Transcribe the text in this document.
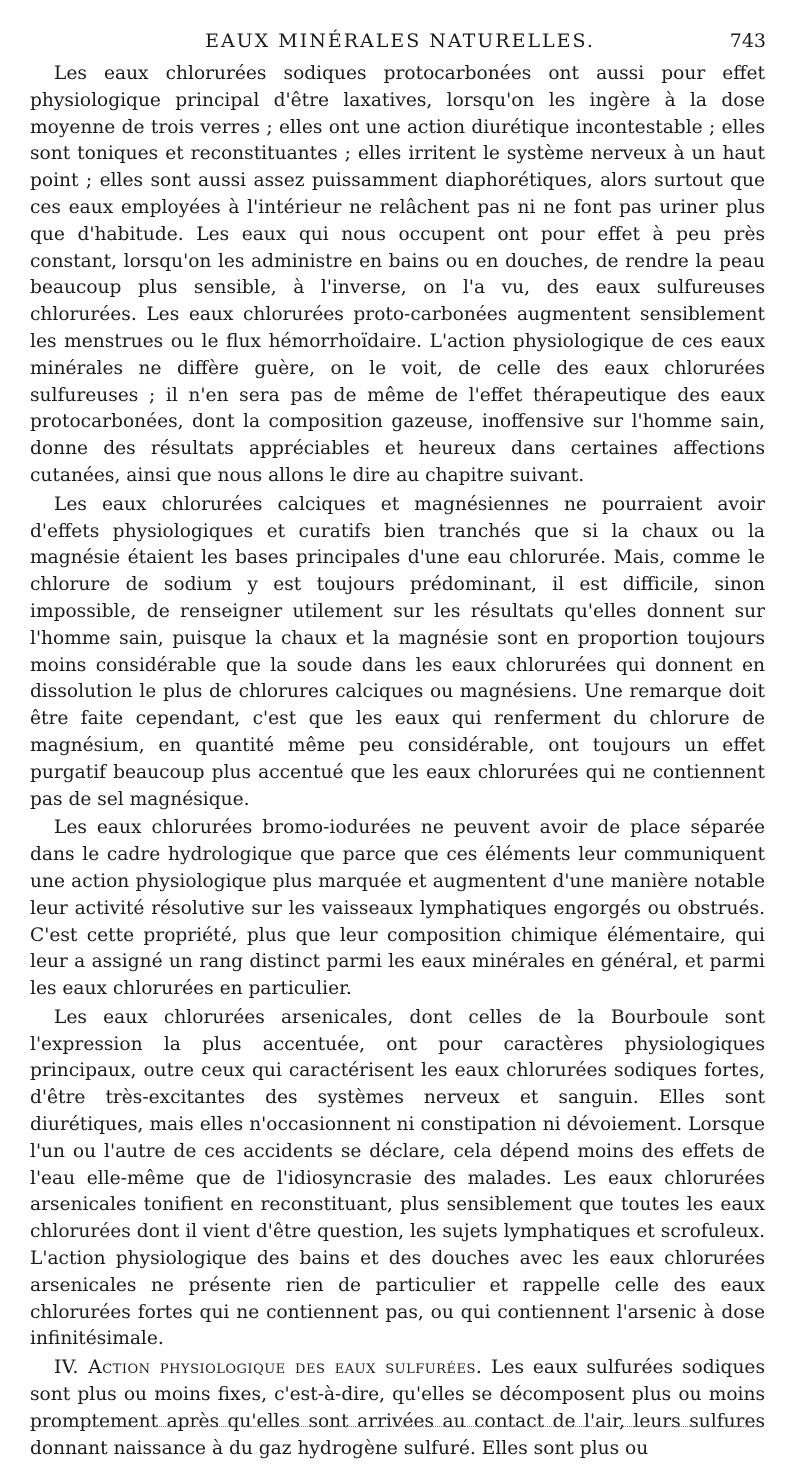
EAUX MINÉRALES NATURELLES.	743

Les eaux chlorurées sodiques protocarbonées ont aussi pour effet physiologique principal d'être laxatives, lorsqu'on les ingère à la dose moyenne de trois verres ; elles ont une action diurétique incontestable ; elles sont toniques et reconstituantes ; elles irritent le système nerveux à un haut point ; elles sont aussi assez puissamment diaphorétiques, alors surtout que ces eaux employées à l'intérieur ne relâchent pas ni ne font pas uriner plus que d'habitude. Les eaux qui nous occupent ont pour effet à peu près constant, lorsqu'on les administre en bains ou en douches, de rendre la peau beaucoup plus sensible, à l'inverse, on l'a vu, des eaux sulfureuses chlorurées. Les eaux chlorurées proto-carbonées augmentent sensiblement les menstrues ou le flux hémorrhoïdaire. L'action physiologique de ces eaux minérales ne diffère guère, on le voit, de celle des eaux chlorurées sulfureuses ; il n'en sera pas de même de l'effet thérapeutique des eaux protocarbonées, dont la composition gazeuse, inoffensive sur l'homme sain, donne des résultats appréciables et heureux dans certaines affections cutanées, ainsi que nous allons le dire au chapitre suivant.

Les eaux chlorurées calciques et magnésiennes ne pourraient avoir d'effets physiologiques et curatifs bien tranchés que si la chaux ou la magnésie étaient les bases principales d'une eau chlorurée. Mais, comme le chlorure de sodium y est toujours prédominant, il est difficile, sinon impossible, de renseigner utilement sur les résultats qu'elles donnent sur l'homme sain, puisque la chaux et la magnésie sont en proportion toujours moins considérable que la soude dans les eaux chlorurées qui donnent en dissolution le plus de chlorures calciques ou magnésiens. Une remarque doit être faite cependant, c'est que les eaux qui renferment du chlorure de magnésium, en quantité même peu considérable, ont toujours un effet purgatif beaucoup plus accentué que les eaux chlorurées qui ne contiennent pas de sel magnésique.

Les eaux chlorurées bromo-iodurées ne peuvent avoir de place séparée dans le cadre hydrologique que parce que ces éléments leur communiquent une action physiologique plus marquée et augmentent d'une manière notable leur activité résolutive sur les vaisseaux lymphatiques engorgés ou obstrués. C'est cette propriété, plus que leur composition chimique élémentaire, qui leur a assigné un rang distinct parmi les eaux minérales en général, et parmi les eaux chlorurées en particulier.

Les eaux chlorurées arsenicales, dont celles de la Bourboule sont l'expression la plus accentuée, ont pour caractères physiologiques principaux, outre ceux qui caractérisent les eaux chlorurées sodiques fortes, d'être très-excitantes des systèmes nerveux et sanguin. Elles sont diurétiques, mais elles n'occasionnent ni constipation ni dévoiement. Lorsque l'un ou l'autre de ces accidents se déclare, cela dépend moins des effets de l'eau elle-même que de l'idiosyncrasie des malades. Les eaux chlorurées arsenicales tonifient en reconstituant, plus sensiblement que toutes les eaux chlorurées dont il vient d'être question, les sujets lymphatiques et scrofuleux. L'action physiologique des bains et des douches avec les eaux chlorurées arsenicales ne présente rien de particulier et rappelle celle des eaux chlorurées fortes qui ne contiennent pas, ou qui contiennent l'arsenic à dose infinitésimale.

IV. Action physiologique des eaux sulfurées. Les eaux sulfurées sodiques sont plus ou moins fixes, c'est-à-dire, qu'elles se décomposent plus ou moins promptement après qu'elles sont arrivées au contact de l'air, leurs sulfures donnant naissance à du gaz hydrogène sulfuré. Elles sont plus ou
